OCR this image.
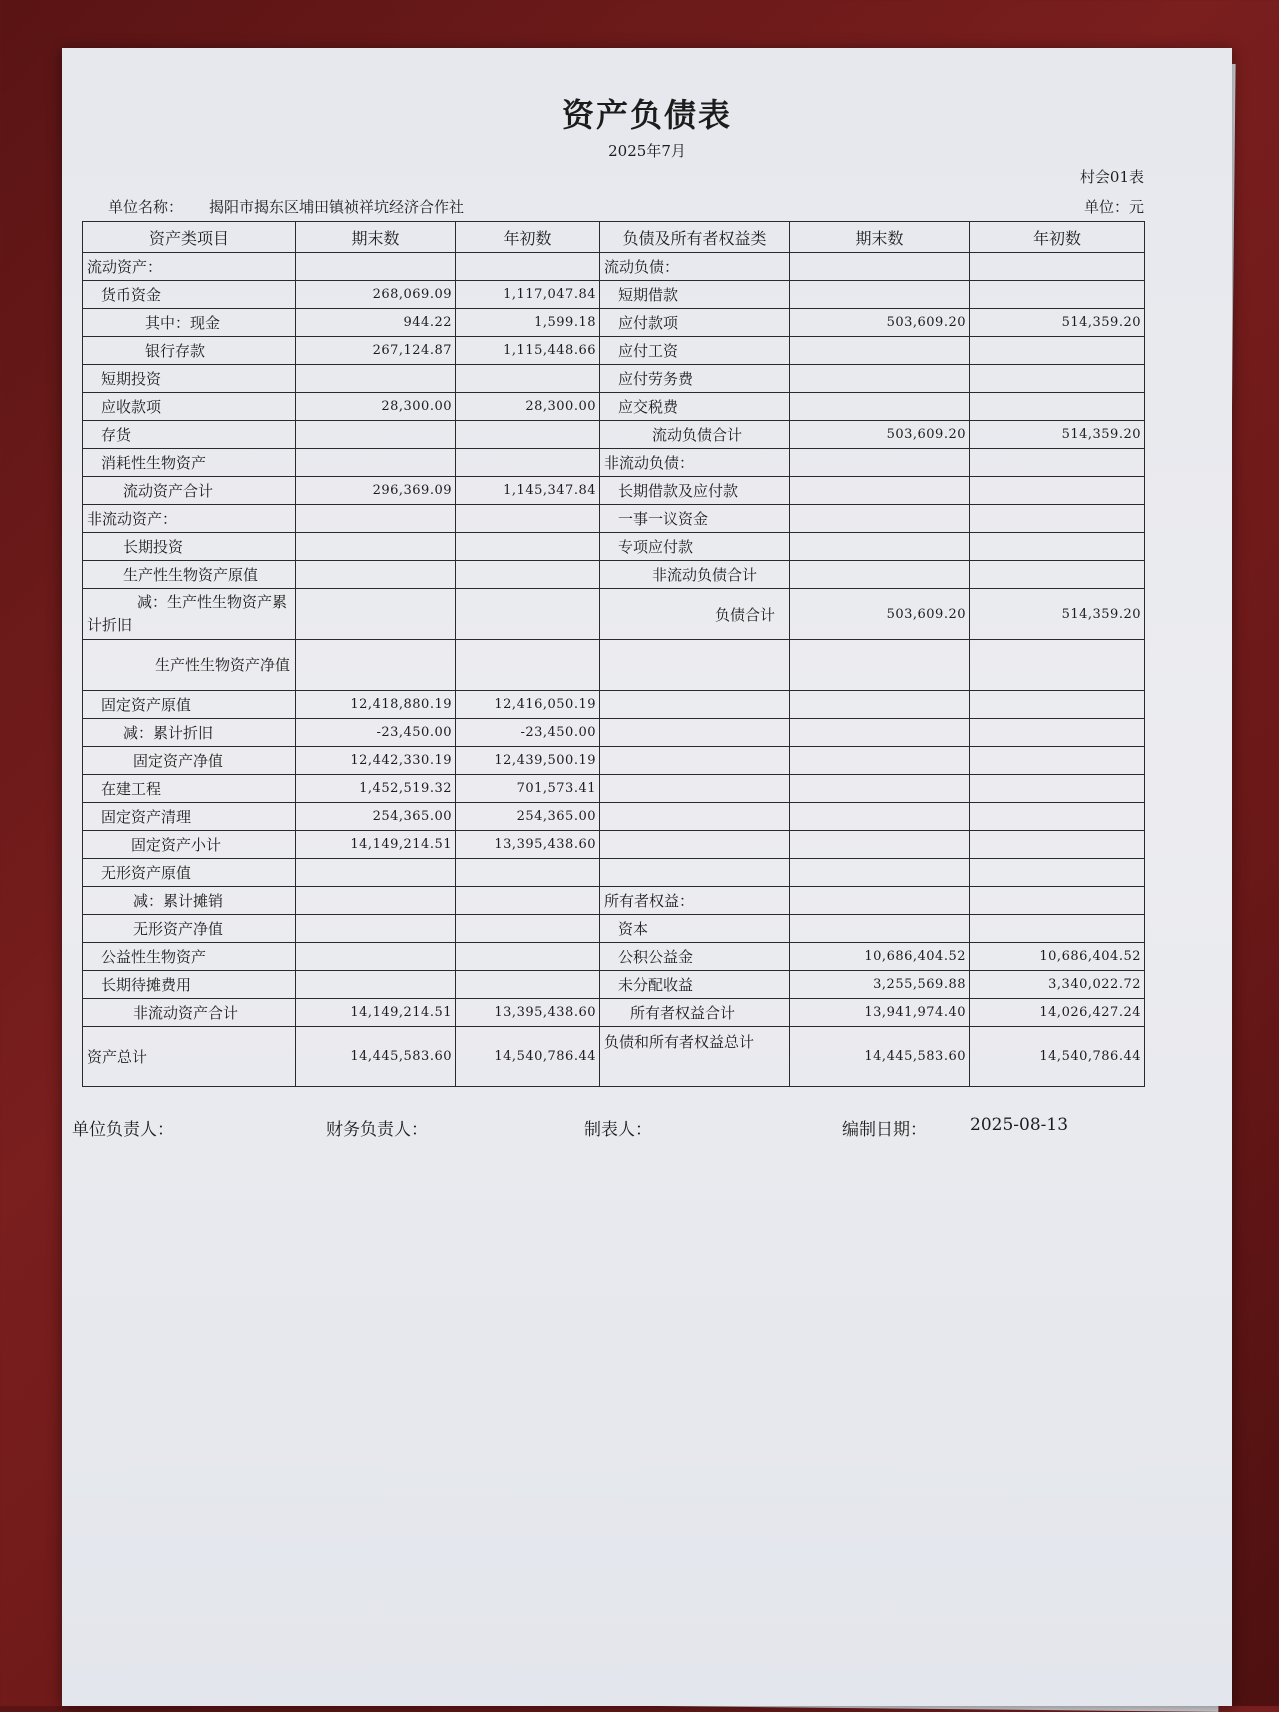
资产负债表
2025年7月
村会01表
单位名称： 揭阳市揭东区埔田镇祯祥坑经济合作社	单位：元
资产类项目	期末数	年初数	负债及所有者权益类	期末数	年初数
流动资产：			流动负债：		
货币资金	268,069.09	1,117,047.84	短期借款		
其中：现金	944.22	1,599.18	应付款项	503,609.20	514,359.20
银行存款	267,124.87	1,115,448.66	应付工资		
短期投资			应付劳务费		
应收款项	28,300.00	28,300.00	应交税费		
存货			流动负债合计	503,609.20	514,359.20
消耗性生物资产			非流动负债：		
流动资产合计	296,369.09	1,145,347.84	长期借款及应付款		
非流动资产：			一事一议资金		
长期投资			专项应付款		
生产性生物资产原值			非流动负债合计		
减：生产性生物资产累计折旧			负债合计	503,609.20	514,359.20
生产性生物资产净值					
固定资产原值	12,418,880.19	12,416,050.19			
减：累计折旧	-23,450.00	-23,450.00			
固定资产净值	12,442,330.19	12,439,500.19			
在建工程	1,452,519.32	701,573.41			
固定资产清理	254,365.00	254,365.00			
固定资产小计	14,149,214.51	13,395,438.60			
无形资产原值					
减：累计摊销			所有者权益：		
无形资产净值			资本		
公益性生物资产			公积公益金	10,686,404.52	10,686,404.52
长期待摊费用			未分配收益	3,255,569.88	3,340,022.72
非流动资产合计	14,149,214.51	13,395,438.60	所有者权益合计	13,941,974.40	14,026,427.24
资产总计	14,445,583.60	14,540,786.44	负债和所有者权益总计	14,445,583.60	14,540,786.44
单位负责人：	财务负责人：	制表人：	编制日期：	2025-08-13
